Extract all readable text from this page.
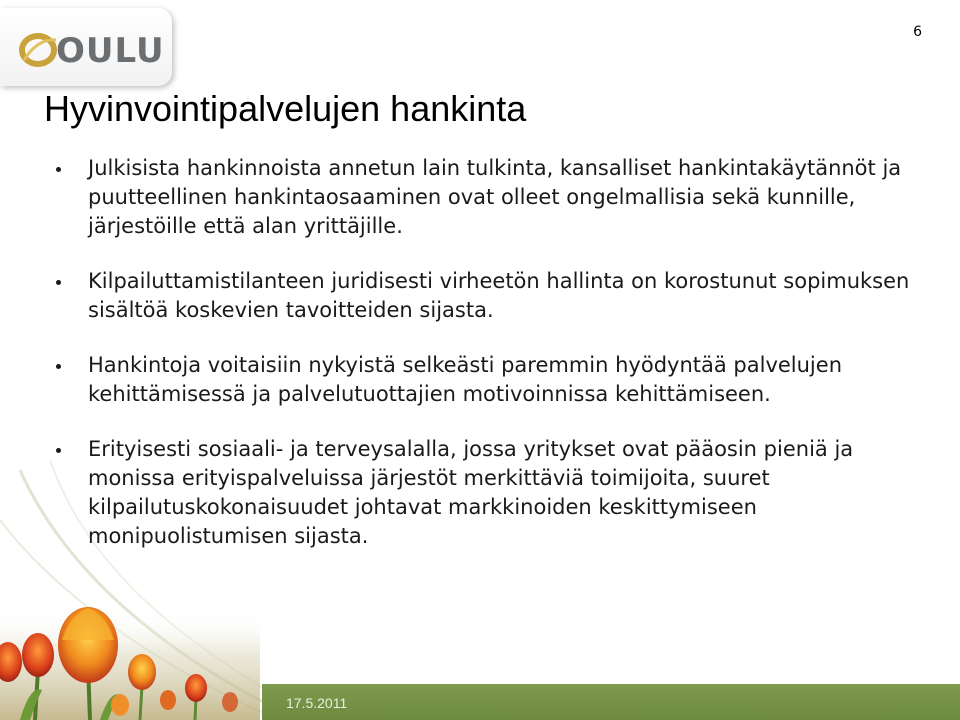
OULU	6
Hyvinvointipalvelujen hankinta
Julkisista hankinnoista annetun lain tulkinta, kansalliset hankintakäytännöt ja puutteellinen hankintaosaaminen ovat olleet ongelmallisia sekä kunnille, järjestöille että alan yrittäjille.
Kilpailuttamistilanteen juridisesti virheetön hallinta on korostunut sopimuksen sisältöä koskevien tavoitteiden sijasta.
Hankintoja voitaisiin nykyistä selkeästi paremmin hyödyntää palvelujen kehittämisessä ja palvelutuottajien motivoinnissa kehittämiseen.
Erityisesti sosiaali- ja terveysalalla, jossa yritykset ovat pääosin pieniä ja monissa erityispalveluissa järjestöt merkittäviä toimijoita, suuret kilpailutuskokonaisuudet johtavat markkinoiden keskittymiseen monipuolistumisen sijasta.
17.5.2011
